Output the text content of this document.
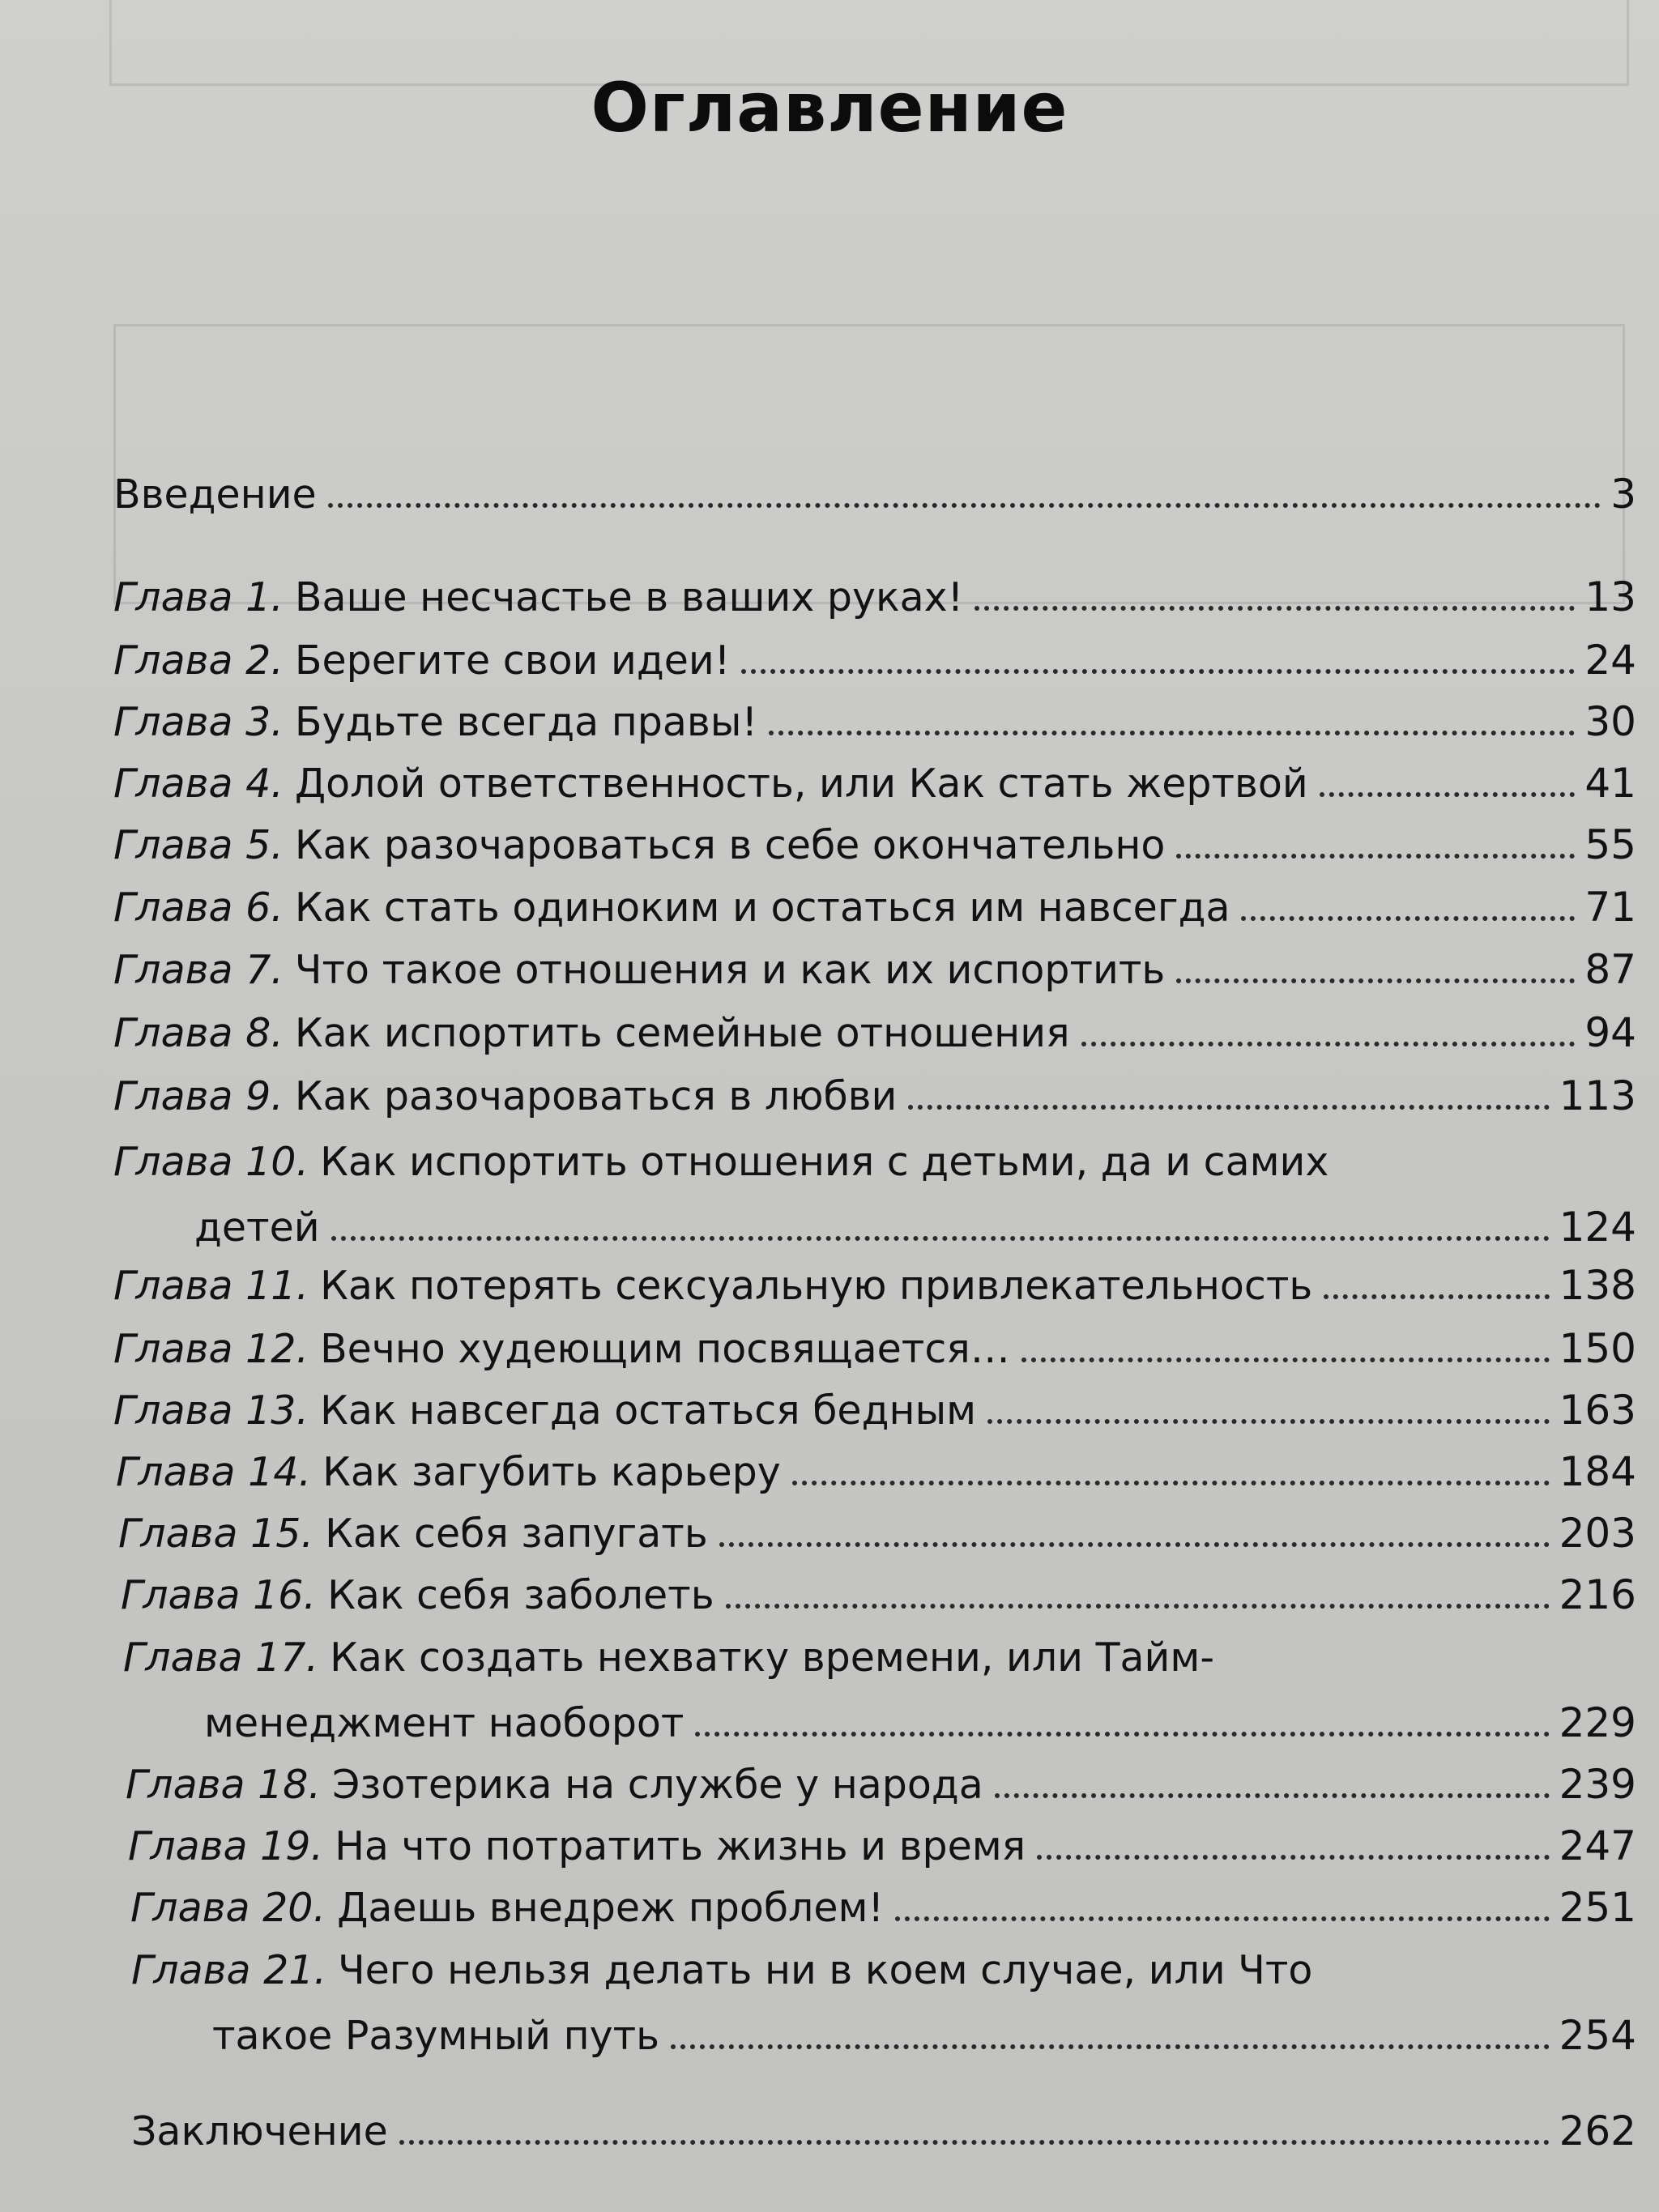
Оглавление
Введение	3
Глава 1. Ваше несчастье в ваших руках!	13
Глава 2. Берегите свои идеи!	24
Глава 3. Будьте всегда правы!	30
Глава 4. Долой ответственность, или Как стать жертвой	41
Глава 5. Как разочароваться в себе окончательно	55
Глава 6. Как стать одиноким и остаться им навсегда	71
Глава 7. Что такое отношения и как их испортить	87
Глава 8. Как испортить семейные отношения	94
Глава 9. Как разочароваться в любви	113
Глава 10. Как испортить отношения с детьми, да и самих
детей	124
Глава 11. Как потерять сексуальную привлекательность	138
Глава 12. Вечно худеющим посвящается…	150
Глава 13. Как навсегда остаться бедным	163
Глава 14. Как загубить карьеру	184
Глава 15. Как себя запугать	203
Глава 16. Как себя заболеть	216
Глава 17. Как создать нехватку времени, или Тайм-
менеджмент наоборот	229
Глава 18. Эзотерика на службе у народа	239
Глава 19. На что потратить жизнь и время	247
Глава 20. Даешь внедреж проблем!	251
Глава 21. Чего нельзя делать ни в коем случае, или Что
такое Разумный путь	254
Заключение	262
